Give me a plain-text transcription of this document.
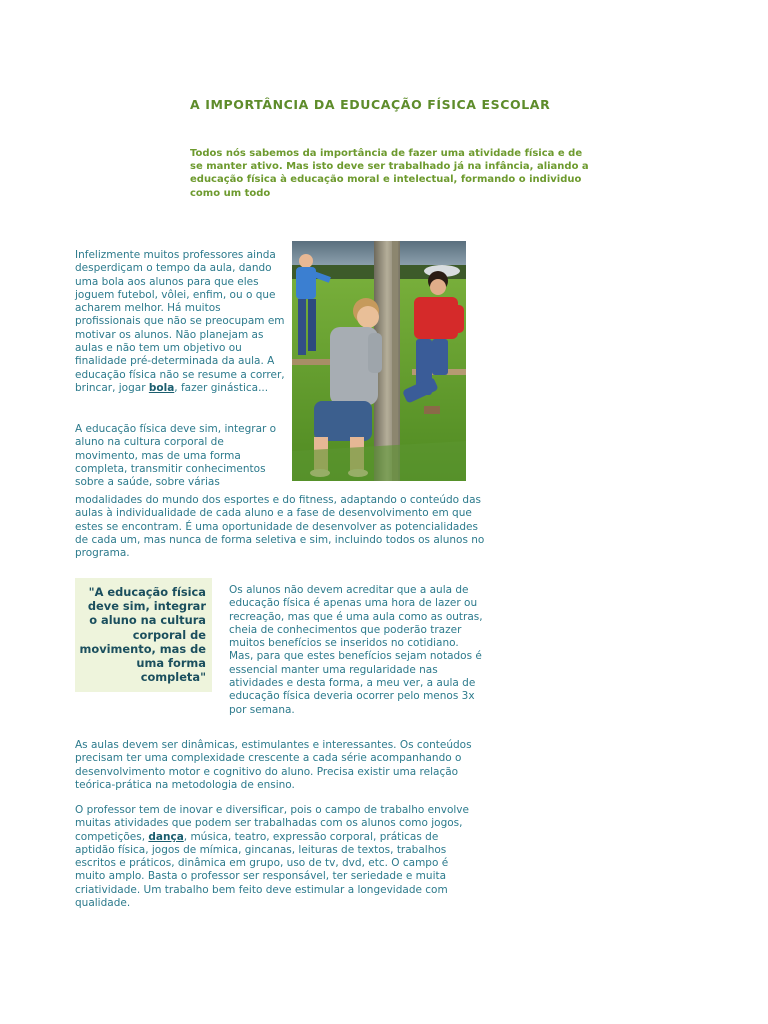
A IMPORTÂNCIA DA EDUCAÇÃO FÍSICA ESCOLAR

Todos nós sabemos da importância de fazer uma atividade física e de se manter ativo. Mas isto deve ser trabalhado já na infância, aliando a educação física à educação moral e intelectual, formando o individuo como um todo

Infelizmente muitos professores ainda desperdiçam o tempo da aula, dando uma bola aos alunos para que eles joguem futebol, vôlei, enfim, ou o que acharem melhor. Há muitos profissionais que não se preocupam em motivar os alunos. Não planejam as aulas e não tem um objetivo ou finalidade pré-determinada da aula. A educação física não se resume a correr, brincar, jogar bola, fazer ginástica...

A educação física deve sim, integrar o aluno na cultura corporal de movimento, mas de uma forma completa, transmitir conhecimentos sobre a saúde, sobre várias

modalidades do mundo dos esportes e do fitness, adaptando o conteúdo das aulas à individualidade de cada aluno e a fase de desenvolvimento em que estes se encontram. É uma oportunidade de desenvolver as potencialidades de cada um, mas nunca de forma seletiva e sim, incluindo todos os alunos no programa.

"A educação física deve sim, integrar o aluno na cultura corporal de movimento, mas de uma forma completa"

Os alunos não devem acreditar que a aula de educação física é apenas uma hora de lazer ou recreação, mas que é uma aula como as outras, cheia de conhecimentos que poderão trazer muitos benefícios se inseridos no cotidiano. Mas, para que estes benefícios sejam notados é essencial manter uma regularidade nas atividades e desta forma, a meu ver, a aula de educação física deveria ocorrer pelo menos 3x por semana.

As aulas devem ser dinâmicas, estimulantes e interessantes. Os conteúdos precisam ter uma complexidade crescente a cada série acompanhando o desenvolvimento motor e cognitivo do aluno. Precisa existir uma relação teórica-prática na metodologia de ensino.

O professor tem de inovar e diversificar, pois o campo de trabalho envolve muitas atividades que podem ser trabalhadas com os alunos como jogos, competições, dança, música, teatro, expressão corporal, práticas de aptidão física, jogos de mímica, gincanas, leituras de textos, trabalhos escritos e práticos, dinâmica em grupo, uso de tv, dvd, etc. O campo é muito amplo. Basta o professor ser responsável, ter seriedade e muita criatividade. Um trabalho bem feito deve estimular a longevidade com qualidade.
